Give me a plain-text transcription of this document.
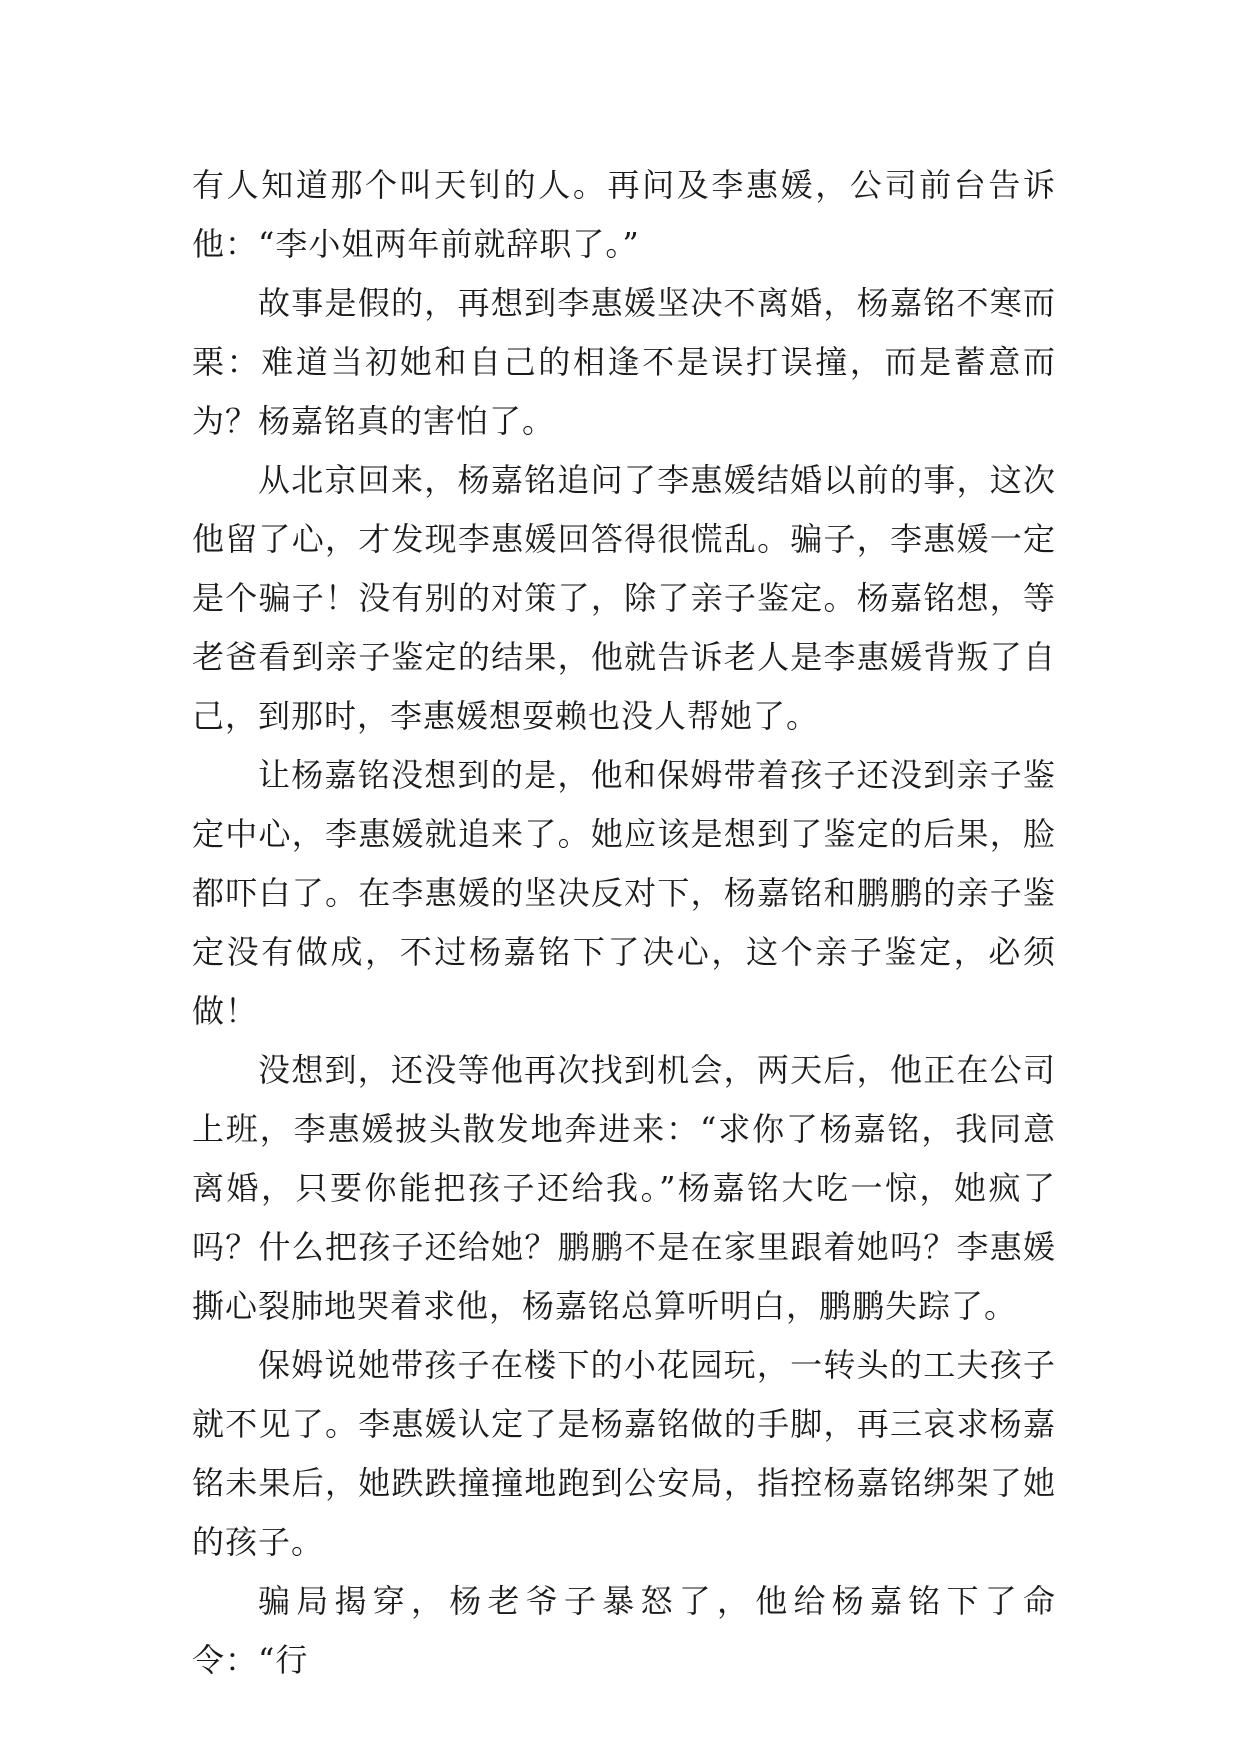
有人知道那个叫天钊的人。再问及李惠媛，公司前台告诉他：“李小姐两年前就辞职了。”

故事是假的，再想到李惠媛坚决不离婚，杨嘉铭不寒而栗：难道当初她和自己的相逢不是误打误撞，而是蓄意而为？杨嘉铭真的害怕了。

从北京回来，杨嘉铭追问了李惠媛结婚以前的事，这次他留了心，才发现李惠媛回答得很慌乱。骗子，李惠媛一定是个骗子！没有别的对策了，除了亲子鉴定。杨嘉铭想，等老爸看到亲子鉴定的结果，他就告诉老人是李惠媛背叛了自己，到那时，李惠媛想耍赖也没人帮她了。

让杨嘉铭没想到的是，他和保姆带着孩子还没到亲子鉴定中心，李惠媛就追来了。她应该是想到了鉴定的后果，脸都吓白了。在李惠媛的坚决反对下，杨嘉铭和鹏鹏的亲子鉴定没有做成，不过杨嘉铭下了决心，这个亲子鉴定，必须做！

没想到，还没等他再次找到机会，两天后，他正在公司上班，李惠媛披头散发地奔进来：“求你了杨嘉铭，我同意离婚，只要你能把孩子还给我。”杨嘉铭大吃一惊，她疯了吗？什么把孩子还给她？鹏鹏不是在家里跟着她吗？李惠媛撕心裂肺地哭着求他，杨嘉铭总算听明白，鹏鹏失踪了。

保姆说她带孩子在楼下的小花园玩，一转头的工夫孩子就不见了。李惠媛认定了是杨嘉铭做的手脚，再三哀求杨嘉铭未果后，她跌跌撞撞地跑到公安局，指控杨嘉铭绑架了她的孩子。

骗局揭穿，杨老爷子暴怒了，他给杨嘉铭下了命令：“行
